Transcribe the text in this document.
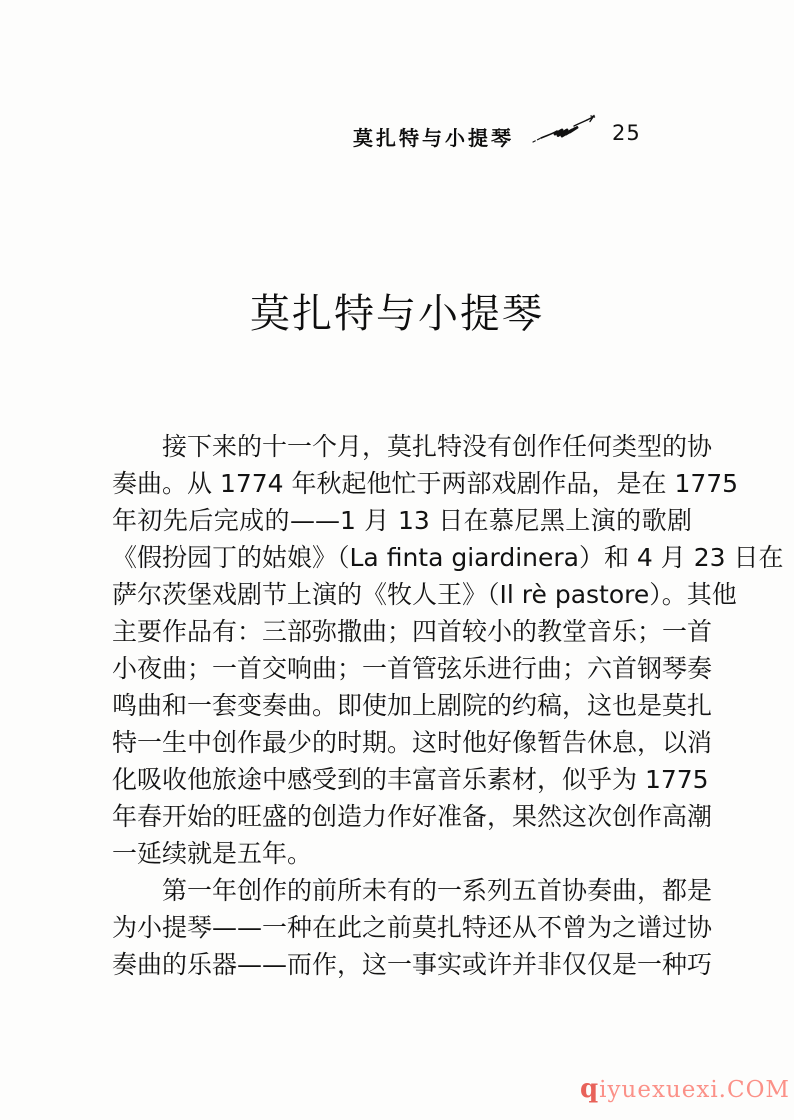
莫扎特与小提琴	25
莫扎特与小提琴
接下来的十一个月，莫扎特没有创作任何类型的协
奏曲。从 1774 年秋起他忙于两部戏剧作品，是在 1775
年初先后完成的——1 月 13 日在慕尼黑上演的歌剧
《假扮园丁的姑娘》（La finta giardinera）和 4 月 23 日在
萨尔茨堡戏剧节上演的《牧人王》（Il rè pastore）。其他
主要作品有：三部弥撒曲；四首较小的教堂音乐；一首
小夜曲；一首交响曲；一首管弦乐进行曲；六首钢琴奏
鸣曲和一套变奏曲。即使加上剧院的约稿，这也是莫扎
特一生中创作最少的时期。这时他好像暂告休息，以消
化吸收他旅途中感受到的丰富音乐素材，似乎为 1775
年春开始的旺盛的创造力作好准备，果然这次创作高潮
一延续就是五年。
第一年创作的前所未有的一系列五首协奏曲，都是
为小提琴——一种在此之前莫扎特还从不曾为之谱过协
奏曲的乐器——而作，这一事实或许并非仅仅是一种巧
qiyuexuexi.COM
